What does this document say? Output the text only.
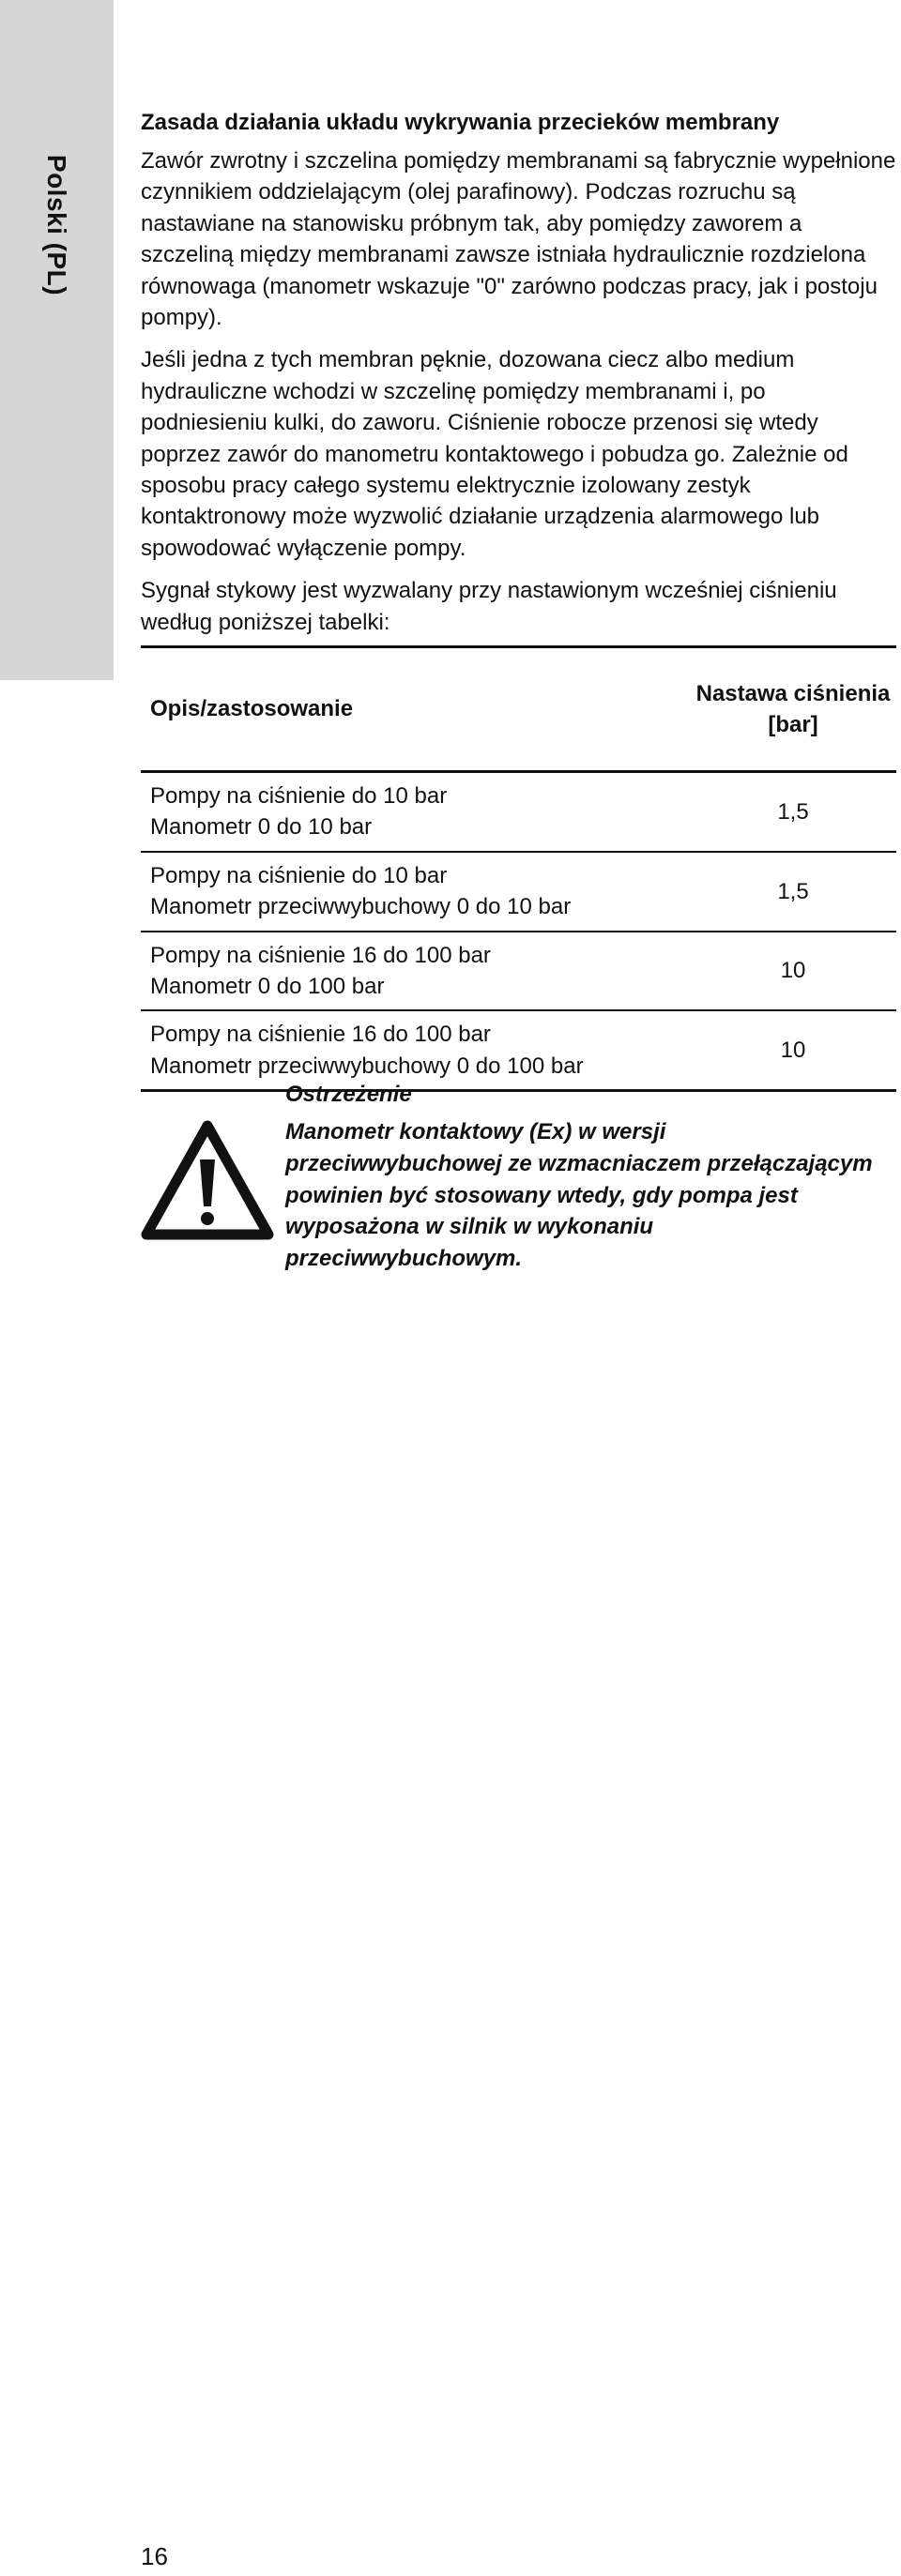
Polski (PL)
Zasada działania układu wykrywania przecieków membrany

Zawór zwrotny i szczelina pomiędzy membranami są fabrycznie wypełnione czynnikiem oddzielającym (olej parafinowy). Podczas rozruchu są nastawiane na stanowisku próbnym tak, aby pomiędzy zaworem a szczeliną między membranami zawsze istniała hydraulicznie rozdzielona równowaga (manometr wskazuje "0" zarówno podczas pracy, jak i postoju pompy).

Jeśli jedna z tych membran pęknie, dozowana ciecz albo medium hydrauliczne wchodzi w szczelinę pomiędzy membranami i, po podniesieniu kulki, do zaworu. Ciśnienie robocze przenosi się wtedy poprzez zawór do manometru kontaktowego i pobudza go. Zależnie od sposobu pracy całego systemu elektrycznie izolowany zestyk kontaktronowy może wyzwolić działanie urządzenia alarmowego lub spowodować wyłączenie pompy.

Sygnał stykowy jest wyzwalany przy nastawionym wcześniej ciśnieniu według poniższej tabelki:

Opis/zastosowanie	Nastawa ciśnienia [bar]

Pompy na ciśnienie do 10 bar
Manometr 0 do 10 bar	1,5

Pompy na ciśnienie do 10 bar
Manometr przeciwwybuchowy 0 do 10 bar	1,5

Pompy na ciśnienie 16 do 100 bar
Manometr 0 do 100 bar	10

Pompy na ciśnienie 16 do 100 bar
Manometr przeciwwybuchowy 0 do 100 bar	10
Ostrzeżenie
Manometr kontaktowy (Ex) w wersji przeciwwybuchowej ze wzmacniaczem przełączającym powinien być stosowany wtedy, gdy pompa jest wyposażona w silnik w wykonaniu przeciwwybuchowym.
16
